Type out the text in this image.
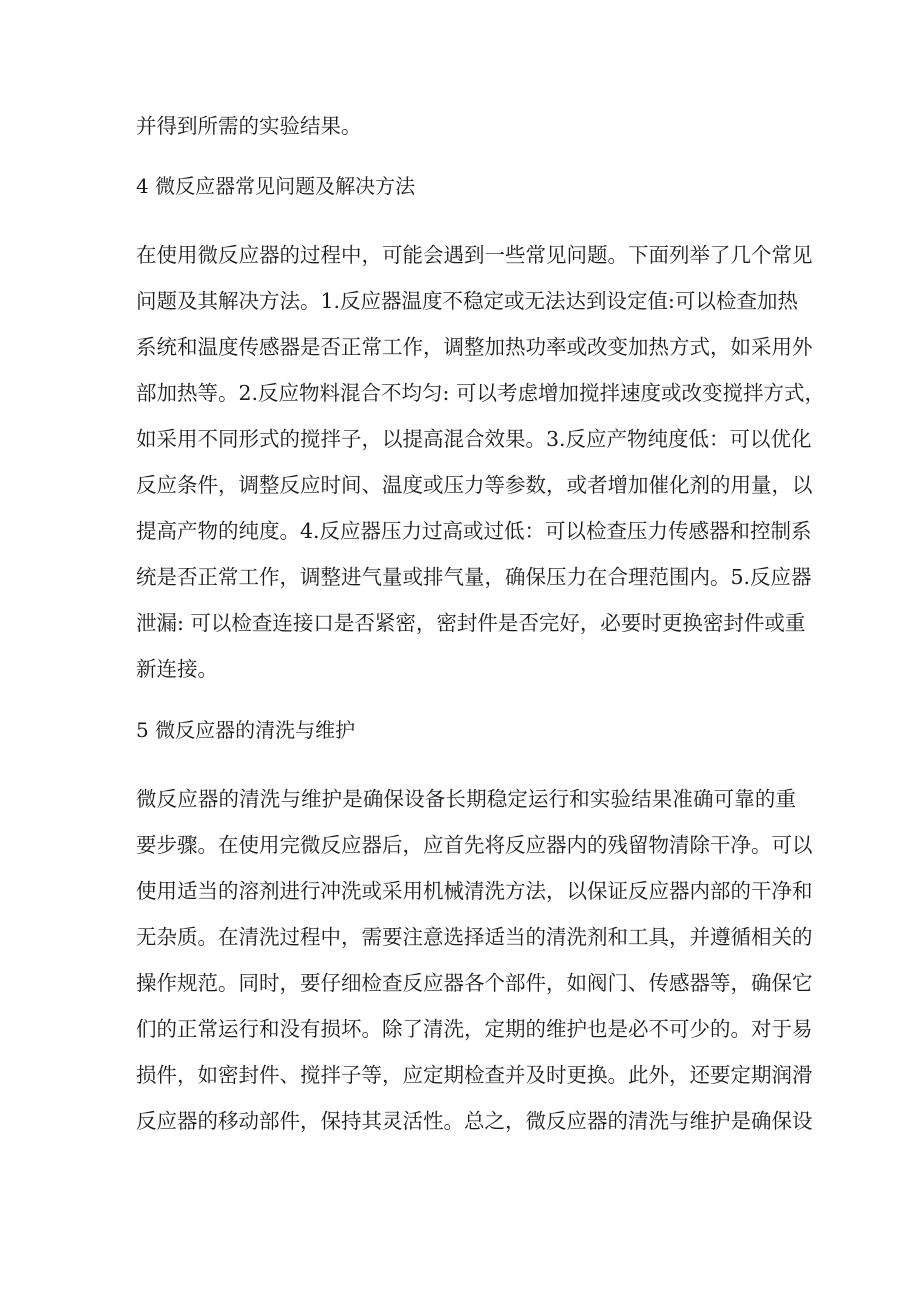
并得到所需的实验结果。
4 微反应器常见问题及解决方法
在使用微反应器的过程中，可能会遇到一些常见问题。下面列举了几个常见
问题及其解决方法。1.反应器温度不稳定或无法达到设定值:可以检查加热
系统和温度传感器是否正常工作，调整加热功率或改变加热方式，如采用外
部加热等。2.反应物料混合不均匀: 可以考虑增加搅拌速度或改变搅拌方式，
如采用不同形式的搅拌子，以提高混合效果。3.反应产物纯度低：可以优化
反应条件，调整反应时间、温度或压力等参数，或者增加催化剂的用量，以
提高产物的纯度。4.反应器压力过高或过低：可以检查压力传感器和控制系
统是否正常工作，调整进气量或排气量，确保压力在合理范围内。5.反应器
泄漏: 可以检查连接口是否紧密，密封件是否完好，必要时更换密封件或重
新连接。
5 微反应器的清洗与维护
微反应器的清洗与维护是确保设备长期稳定运行和实验结果准确可靠的重
要步骤。在使用完微反应器后，应首先将反应器内的残留物清除干净。可以
使用适当的溶剂进行冲洗或采用机械清洗方法，以保证反应器内部的干净和
无杂质。在清洗过程中，需要注意选择适当的清洗剂和工具，并遵循相关的
操作规范。同时，要仔细检查反应器各个部件，如阀门、传感器等，确保它
们的正常运行和没有损坏。除了清洗，定期的维护也是必不可少的。对于易
损件，如密封件、搅拌子等，应定期检查并及时更换。此外，还要定期润滑
反应器的移动部件，保持其灵活性。总之，微反应器的清洗与维护是确保设
